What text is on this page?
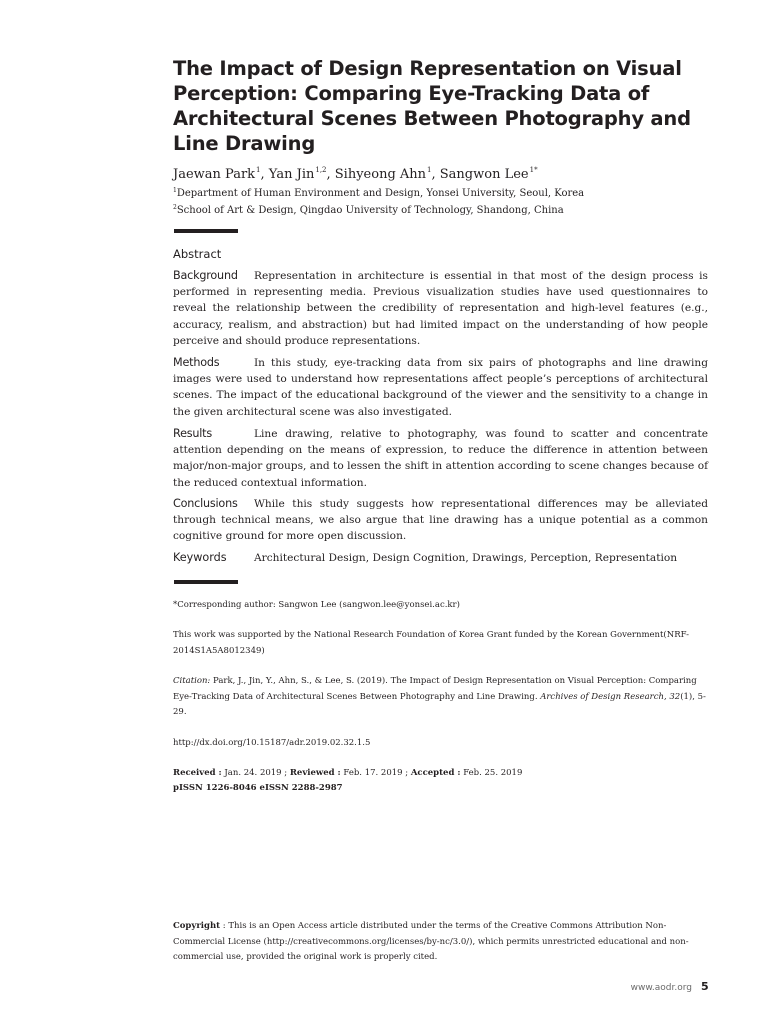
The Impact of Design Representation on Visual Perception: Comparing Eye-Tracking Data of Architectural Scenes Between Photography and Line Drawing
Jaewan Park$^1$, Yan Jin$^{1,2}$, Sihyeong Ahn$^1$, Sangwon Lee$^{1*}$
$^1$Department of Human Environment and Design, Yonsei University, Seoul, Korea
$^2$School of Art & Design, Qingdao University of Technology, Shandong, China
Abstract
Background Representation in architecture is essential in that most of the design process is performed in representing media. Previous visualization studies have used questionnaires to reveal the relationship between the credibility of representation and high-level features (e.g., accuracy, realism, and abstraction) but had limited impact on the understanding of how people perceive and should produce representations.
Methods	In this study, eye-tracking data from six pairs of photographs and line drawing images were used to understand how representations affect people’s perceptions of architectural scenes. The impact of the educational background of the viewer and the sensitivity to a change in the given architectural scene was also investigated.
Results	Line drawing, relative to photography, was found to scatter and concentrate attention depending on the means of expression, to reduce the difference in attention between major/non-major groups, and to lessen the shift in attention according to scene changes because of the reduced contextual information.
Conclusions While this study suggests how representational differences may be alleviated through technical means, we also argue that line drawing has a unique potential as a common cognitive ground for more open discussion.
Keywords	Architectural Design, Design Cognition, Drawings, Perception, Representation
*Corresponding author: Sangwon Lee (sangwon.lee@yonsei.ac.kr)
This work was supported by the National Research Foundation of Korea Grant funded by the Korean Government(NRF-2014S1A5A8012349)
Citation: Park, J., Jin, Y., Ahn, S., & Lee, S. (2019). The Impact of Design Representation on Visual Perception: Comparing Eye-Tracking Data of Architectural Scenes Between Photography and Line Drawing. Archives of Design Research, 32(1), 5-29.
http://dx.doi.org/10.15187/adr.2019.02.32.1.5
Received : Jan. 24. 2019 ; Reviewed : Feb. 17. 2019 ; Accepted : Feb. 25. 2019
pISSN 1226-8046 eISSN 2288-2987
Copyright : This is an Open Access article distributed under the terms of the Creative Commons Attribution Non-Commercial License (http://creativecommons.org/licenses/by-nc/3.0/), which permits unrestricted educational and non-commercial use, provided the original work is properly cited.
www.aodr.org 5
